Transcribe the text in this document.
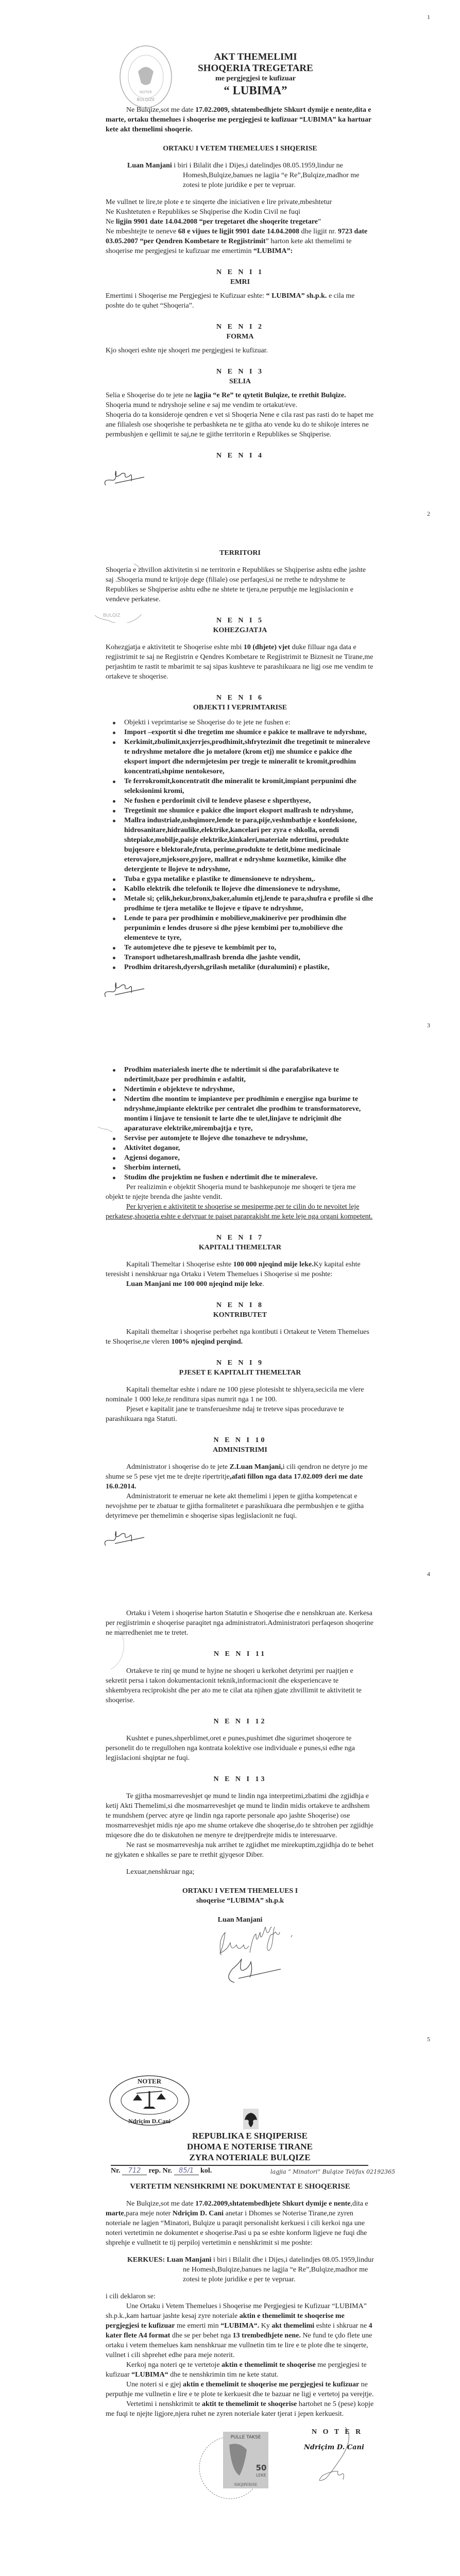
1
BULQIZE
NOTER
AKT THEMELIMI
SHOQERIA TREGETARE
me pergjegjesi te kufizuar
“ LUBIMA”

Ne Bulqize,sot me date 17.02.2009, shtatembedhjete Shkurt dymije e nente,dita e marte, ortaku themelues i shoqerise me pergjegjesi te kufizuar “LUBIMA” ka hartuar kete akt themelimi shoqerie.

ORTAKU I VETEM THEMELUES I SHQERISE

Luan Manjani i biri i Bilalit dhe i Dijes,i datelindjes 08.05.1959,lindur ne Homesh,Bulqize,banues ne lagjia “e Re”,Bulqize,madhor me zotesi te plote juridike e per te vepruar.

Me vullnet te lire,te plote e te sinqerte dhe iniciativen e lire private,mbeshtetur

Ne Kushtetuten e Republikes se Shqiperise dhe Kodin Civil ne fuqi

Ne ligjin 9901 date 14.04.2008 “per tregetaret dhe shoqerite tregetare”

Ne mbeshtejte te neneve 68 e vijues te ligjit 9901 date 14.04.2008 dhe ligjit nr. 9723 date 03.05.2007 “per Qendren Kombetare te Regjistrimit” harton kete akt themelimi te shoqerise me pergjegjesi te kufizuar me emertimin “LUBIMA”:

N E N I 1
EMRI

Emertimi i Shoqerise me Pergjegjesi te Kufizuar eshte: “ LUBIMA” sh.p.k. e cila me poshte do te quhet “Shoqeria”.

N E N I 2
FORMA

Kjo shoqeri eshte nje shoqeri me pergjegjesi te kufizuar.

N E N I 3
SELIA

Selia e Shoqerise do te jete ne lagjia “e Re” te qytetit Bulqize, te rrethit Bulqize.

Shoqeria mund te ndryshoje seline e saj me vendim te ortakut/eve.

Shoqeria do ta konsideroje qendren e vet si Shoqeria Nene e cila rast pas rasti do te hapet me ane filialesh ose shoqerishe te perbashketa ne te gjitha ato vende ku do te shikoje interes ne permbushjen e qellimit te saj,ne te gjithe territorin e Republikes se Shqiperise.

N E N I 4
2
BULQIZ
TERRITORI

Shoqeria e zhvillon aktivitetin si ne territorin e Republikes se Shqiperise ashtu edhe jashte saj .Shoqeria mund te krijoje dege (filiale) ose perfaqesi,si ne rrethe te ndryshme te Republikes se Shqiperise ashtu edhe ne shtete te tjera,ne perputhje me legjislacionin e vendeve perkatese.

N E N I 5
KOHEZGJATJA

Kohezgjatja e aktivitetit te Shoqerise eshte mbi 10 (dhjete) vjet duke filluar nga data e regjistrimit te saj ne Regjistrin e Qendres Kombetare te Regjistrimit te Biznesit ne Tirane,me perjashtim te rastit te mbarimit te saj sipas kushteve te parashikuara ne ligj ose me vendim te ortakeve te shoqerise.

N E N I 6
OBJEKTI I VEPRIMTARISE
Objekti i veprimtarise se Shoqerise do te jete ne fushen e:
Import –exportit si dhe tregetim me shumice e pakice te mallrave te ndyrshme,
Kerkimit,zbulimit,nxjerrjes,prodhimit,shfrytezimit dhe tregetimit te mineraleve te ndryshme metalore dhe jo metalore (krom etj) me shumice e pakice dhe eksport import dhe ndermjetesim per tregje te mineralit te kromit,prodhim koncentrati,shpime nentokesore,
Te ferrokromit,koncentratit dhe mineralit te kromit,impiant perpunimi dhe seleksionimi kromi,
Ne fushen e perdorimit civil te lendeve plasese e shperthyese,
Tregetimit me shumice e pakice dhe import eksport mallrash te ndryshme,
Mallra industriale,ushqimore,lende te para,pije,veshmbathje e konfeksione, hidrosanitare,hidraulike,elektrike,kancelari per zyra e shkolla, orendi shtepiake,mobilje,paisje elektrike,kinkaleri,materiale ndertimi, produkte bujqesore e blektorale,fruta, perime,produkte te detit,bime medicinale eterovajore,mjeksore,pyjore, mallrat e ndryshme kozmetike, kimike dhe detergjente te llojeve te ndryshme,
Tuba e gypa metalike e plastike te dimensioneve te ndryshem,.
Kabllo elektrik dhe telefonik te llojeve dhe dimensioneve te ndryshme,
Metale si; çelik,hekur,bronx,baker,alumin etj,lende te para,shufra e profile si dhe prodhime te tjera metalike te llojeve e tipave te ndryshme,
Lende te para per prodhimin e mobilieve,makinerive per prodhimin dhe perpunimin e lendes drusore si dhe pjese kembimi per to,mobilieve dhe elementeve te tyre,
Te automjeteve dhe te pjeseve te kembimit per to,
Transport udhetaresh,mallrash brenda dhe jashte vendit,
Prodhim dritaresh,dyersh,grilash metalike (duralumini) e plastike,
3
Prodhim materialesh inerte dhe te ndertimit si dhe parafabrikateve te ndertimit,baze per prodhimin e asfaltit,
Ndertimin e objekteve te ndryshme,
Ndertim dhe montim te impianteve per prodhimin e energjise nga burime te ndryshme,impiante elektrike per centralet dhe prodhim te transformatoreve, montim i linjave te tensionit te larte dhe te ulet,linjave te ndriçimit dhe aparaturave elektrike,mirembajtja e tyre,
Servise per automjete te llojeve dhe tonazheve te ndryshme,
Aktivitet doganor,
Agjensi doganore,
Sherbim interneti,
Studim dhe projektim ne fushen e ndertimit dhe te mineraleve.

Per realizimin e objektit Shoqeria mund te bashkepunoje me shoqeri te tjera me objekt te njejte brenda dhe jashte vendit.

Per kryerjen e aktivitetit te shoqerise se mesiperme,per te cilin do te nevoitet leje perkatese,shoqeria eshte e detyruar te paiset paraprakisht me kete leje nga organi kompetent.

N E N I 7
KAPITALI THEMELTAR

Kapitali Themeltar i Shoqerise eshte 100 000 njeqind mije leke.Ky kapital eshte teresisht i nenshkruar nga Ortaku i Vetem Themelues i Shoqerise si me poshte:

Luan Manjani me 100 000 njeqind mije leke.

N E N I 8
KONTRIBUTET

Kapitali themeltar i shoqerise perbehet nga kontibuti i Ortakeut te Vetem Themelues te Shoqerise,ne vleren 100% njeqind perqind.

N E N I 9
PJESET E KAPITALIT THEMELTAR

Kapitali themeltar eshte i ndare ne 100 pjese plotesisht te shlyera,secicila me vlere nominale 1 000 leke,te renditura sipas numrit nga 1 ne 100.

Pjeset e kapitalit jane te transferueshme ndaj te treteve sipas procedurave te parashikuara nga Statuti.

N E N I 10
ADMINISTRIMI

Administrator i shoqerise do te jete Z.Luan Manjani,i cili qendron ne detyre jo me shume se 5 pese vjet me te drejte ripertritje,afati fillon nga data 17.02.009 deri me date 16.0.2014.

Administratorit te emeruar ne kete akt themelimi i jepen te gjitha kompetencat e nevojshme per te zbatuar te gjitha formalitetet e parashikuara dhe permbushjen e te gjitha detyrimeve per themelimin e shoqerise sipas legjislacionit ne fuqi.

4

Ortaku i Vetem i shoqerise harton Statutin e Shoqerise dhe e nenshkruan ate. Kerkesa per regjistrimin e shoqerise paraqitet nga administratori.Administratori perfaqeson shoqerine ne marredheniet me te tretet.

N E N I 11

Ortakeve te rinj qe mund te hyjne ne shoqeri u kerkohet detyrimi per ruajtjen e sekretit persa i takon dokumentacionit teknik,informacionit dhe eksperiencave te shkembyera reciprokisht dhe per ato me te cilat ata njihen gjate zhvillimit te aktivitetit te shoqerise.

N E N I 12

Kushtet e punes,shperblimet,oret e punes,pushimet dhe sigurimet shoqerore te personelit do te rregullohen nga kontrata kolektive ose individuale e punes,si edhe nga legjislacioni shqiptar ne fuqi.

N E N I 13

Te gjitha mosmarreveshjet qe mund te lindin nga interpretimi,zbatimi dhe zgjidhja e ketij Akti Themelimi,si dhe mosmarreveshjet qe mund te lindin midis ortakeve te ardhshem te mundshem (pervec atyre qe lindin nga raporte personale apo jashte Shoqerise) ose mosmarreveshjet midis nje apo me shume ortakeve dhe shoqerise,do te shtrohen per zgjidhje miqesore dhe do te diskutohen ne menyre te drejtperdrejte midis te interesuarve.

Ne rast se mosmarreveshja nuk arrihet te zgjidhet me mirekuptim,zgjidhja do te behet ne gjykaten e shkalles se pare te rrethit gjyqesor Diber.

Lexuar,nenshkruar nga;

ORTAKU I VETEM THEMELUES I
shoqerise “LUBIMA” sh.p.k
Luan Manjani
5
NOTER
Ndriçim D.Cani
REPUBLIKA E SHQIPERISE
DHOMA E NOTERISE TIRANE
ZYRA NOTERIALE BULQIZE
Nr. 712 rep. Nr. 85/1 kol.	lagjia ” Minatori” Bulqize Tel/fax 02192365
VERTETIM NENSHKRIMI NE DOKUMENTAT E SHOQERISE

Ne Bulqize,sot me date 17.02.2009,shtatembedhjete Shkurt dymije e nente,dita e marte,para meje noter Ndriçim D. Cani anetar i Dhomes se Noterise Tirane,ne zyren noteriale ne lagjen “Minatori, Bulqize u paraqit personalisht kerkuesi i cili kerkoi nga une noteri vertetimin ne dokumentet e shoqerise.Pasi u pa se eshte konform ligjeve ne fuqi dhe shprehje e vullnetit te tij perpiloj vertetimin e nenshkrimit si me poshte:

KERKUES: Luan Manjani i biri i Bilalit dhe i Dijes,i datelindjes 08.05.1959,lindur ne Homesh,Bulqize,banues ne lagjia “e Re”,Bulqize,madhor me zotesi te plote juridike e per te vepruar.

i cili deklaron se:

Une Ortaku i Vetem Themelues i Shoqerise me Pergjegjesi te Kufizuar “LUBIMA” sh.p.k.,kam hartuar jashte kesaj zyre noteriale aktin e themelimit te shoqerise me pergjegjesi te kufizuar me emerti min “LUBIMA“. Ky akt themelimi eshte i shkruar ne 4 kater flete A4 format dhe se per behet nga 13 trembedhjete nene. Ne fund te çdo flete une ortaku i vetem themelues kam nenshkruar me vullnetin tim te lire e te plote dhe te sinqerte, vullnet i cili shprehet edhe para meje noterit.

Kerkoj nga noteri qe te vertetoje aktin e themelimit te shoqerise me pergjegjesi te kufizuar “LUBIMA“ dhe te nenshkrimin tim ne kete statut.

Une noteri si e gjej aktin e themelimit te shoqerise me pergjegjesi te kufizuar ne perputhje me vullnetin e lire e te plote te kerkuesit dhe te bazuar ne ligj e vertetoj pa verejtje.

Vertetimi i nenshkrimit te aktit te themelimit te shoqerise hartohet ne 5 (pese) kopje me fuqi te njejte ligjore,njera ruhet ne zyren noteriale kater tjerat i jepen kerkuesit.

N O T E R
Ndriçim D. Cani
PULLE TAKSE
50
LEKE
SHQIPERISE
